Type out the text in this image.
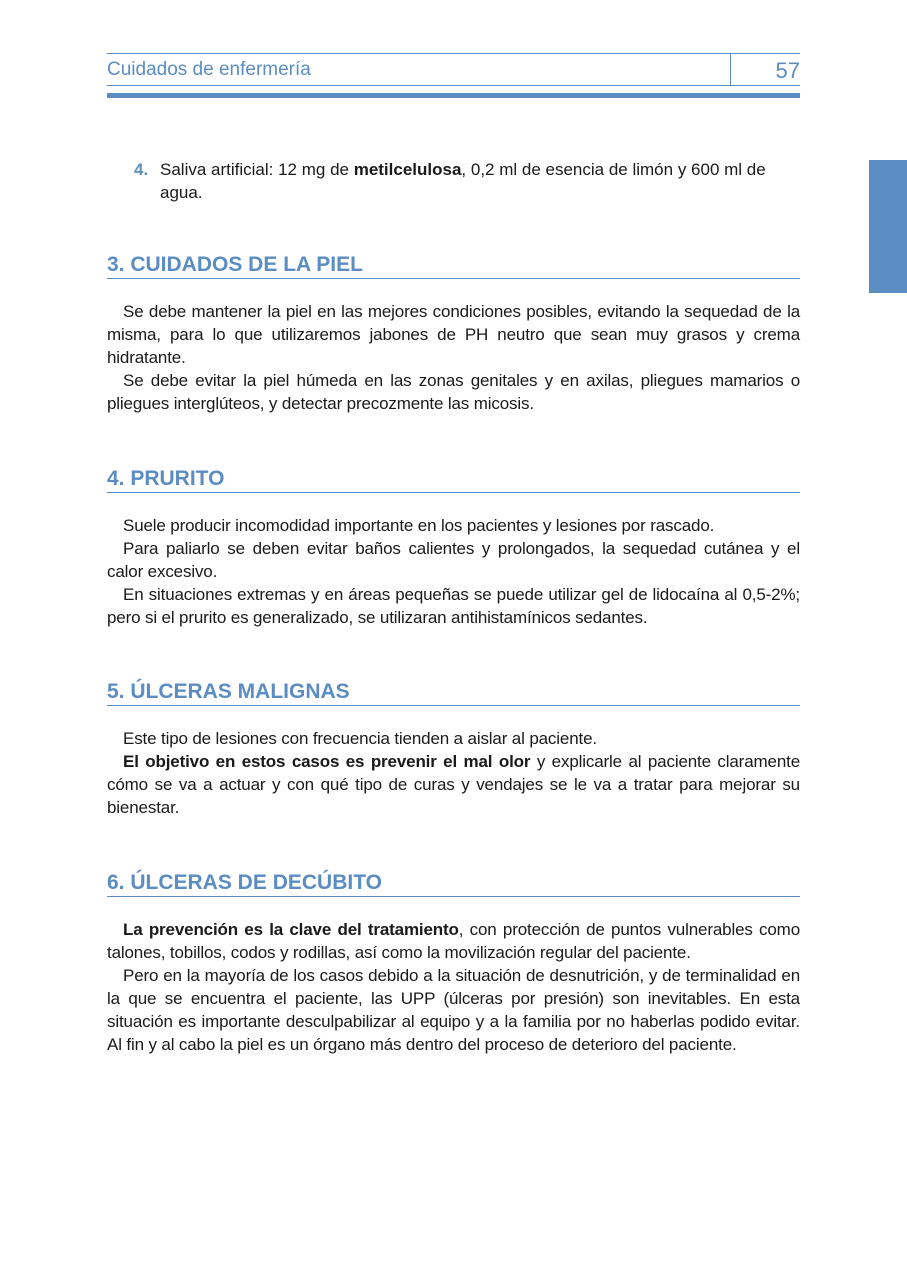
Cuidados de enfermería	57
4. Saliva artificial: 12 mg de metilcelulosa, 0,2 ml de esencia de limón y 600 ml de agua.
3. CUIDADOS DE LA PIEL

Se debe mantener la piel en las mejores condiciones posibles, evitando la sequedad de la misma, para lo que utilizaremos jabones de PH neutro que sean muy grasos y crema hidratante.

Se debe evitar la piel húmeda en las zonas genitales y en axilas, pliegues mamarios o pliegues interglúteos, y detectar precozmente las micosis.

4. PRURITO

Suele producir incomodidad importante en los pacientes y lesiones por rascado.

Para paliarlo se deben evitar baños calientes y prolongados, la sequedad cutánea y el calor excesivo.

En situaciones extremas y en áreas pequeñas se puede utilizar gel de lidocaína al 0,5-2%; pero si el prurito es generalizado, se utilizaran antihistamínicos sedantes.

5. ÚLCERAS MALIGNAS

Este tipo de lesiones con frecuencia tienden a aislar al paciente.

El objetivo en estos casos es prevenir el mal olor y explicarle al paciente claramente cómo se va a actuar y con qué tipo de curas y vendajes se le va a tratar para mejorar su bienestar.

6. ÚLCERAS DE DECÚBITO

La prevención es la clave del tratamiento, con protección de puntos vulnerables como talones, tobillos, codos y rodillas, así como la movilización regular del paciente.

Pero en la mayoría de los casos debido a la situación de desnutrición, y de terminalidad en la que se encuentra el paciente, las UPP (úlceras por presión) son inevitables. En esta situación es importante desculpabilizar al equipo y a la familia por no haberlas podido evitar. Al fin y al cabo la piel es un órgano más dentro del proceso de deterioro del paciente.
